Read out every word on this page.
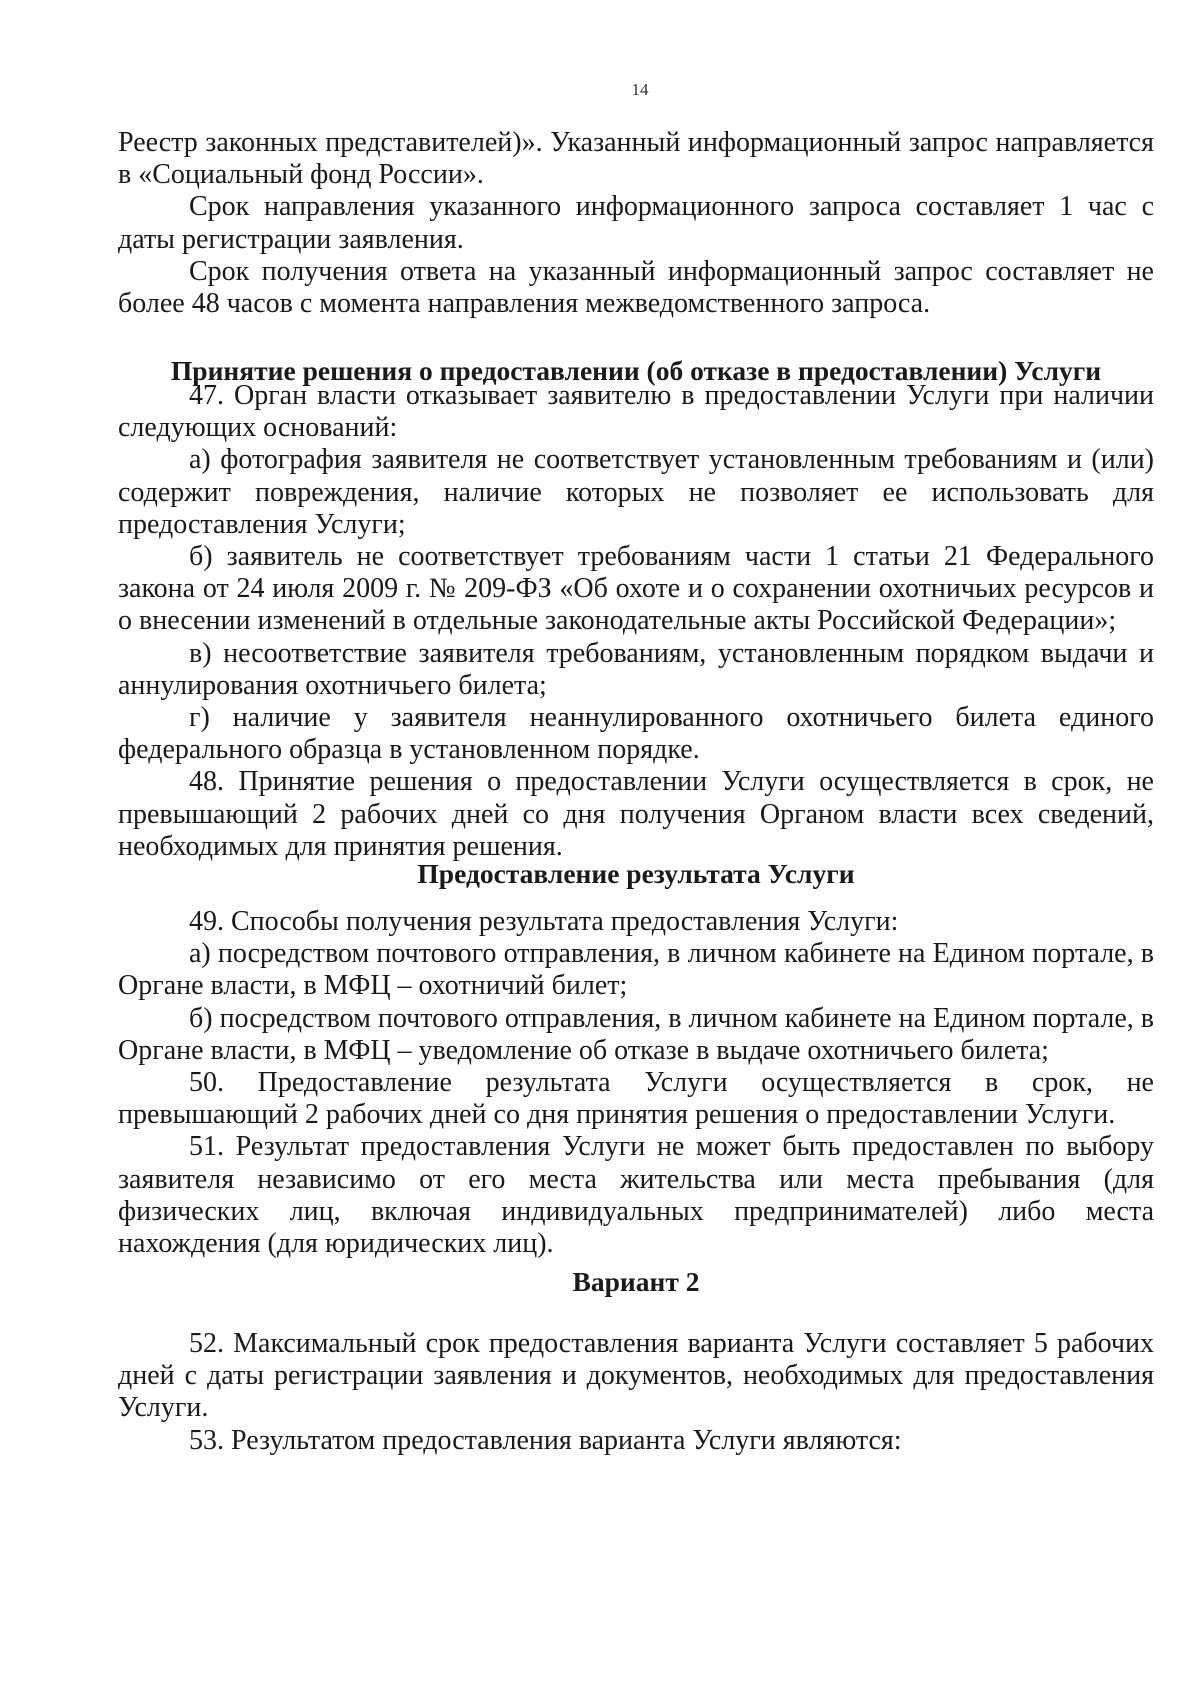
14

Реестр законных представителей)». Указанный информационный запрос направляется в «Социальный фонд России».

Срок направления указанного информационного запроса составляет 1 час с даты регистрации заявления.

Срок получения ответа на указанный информационный запрос составляет не более 48 часов с момента направления межведомственного запроса.

Принятие решения о предоставлении (об отказе в предоставлении) Услуги

47. Орган власти отказывает заявителю в предоставлении Услуги при наличии следующих оснований:

а) фотография заявителя не соответствует установленным требованиям и (или) содержит повреждения, наличие которых не позволяет ее использовать для предоставления Услуги;

б) заявитель не соответствует требованиям части 1 статьи 21 Федерального закона от 24 июля 2009 г. № 209-ФЗ «Об охоте и о сохранении охотничьих ресурсов и о внесении изменений в отдельные законодательные акты Российской Федерации»;

в) несоответствие заявителя требованиям, установленным порядком выдачи и аннулирования охотничьего билета;

г) наличие у заявителя неаннулированного охотничьего билета единого федерального образца в установленном порядке.

48. Принятие решения о предоставлении Услуги осуществляется в срок, не превышающий 2 рабочих дней со дня получения Органом власти всех сведений, необходимых для принятия решения.

Предоставление результата Услуги

49. Способы получения результата предоставления Услуги:

а) посредством почтового отправления, в личном кабинете на Едином портале, в Органе власти, в МФЦ – охотничий билет;

б) посредством почтового отправления, в личном кабинете на Едином портале, в Органе власти, в МФЦ – уведомление об отказе в выдаче охотничьего билета;

50. Предоставление результата Услуги осуществляется в срок, не превышающий 2 рабочих дней со дня принятия решения о предоставлении Услуги.

51. Результат предоставления Услуги не может быть предоставлен по выбору заявителя независимо от его места жительства или места пребывания (для физических лиц, включая индивидуальных предпринимателей) либо места нахождения (для юридических лиц).

Вариант 2

52. Максимальный срок предоставления варианта Услуги составляет 5 рабочих дней с даты регистрации заявления и документов, необходимых для предоставления Услуги.

53. Результатом предоставления варианта Услуги являются:
